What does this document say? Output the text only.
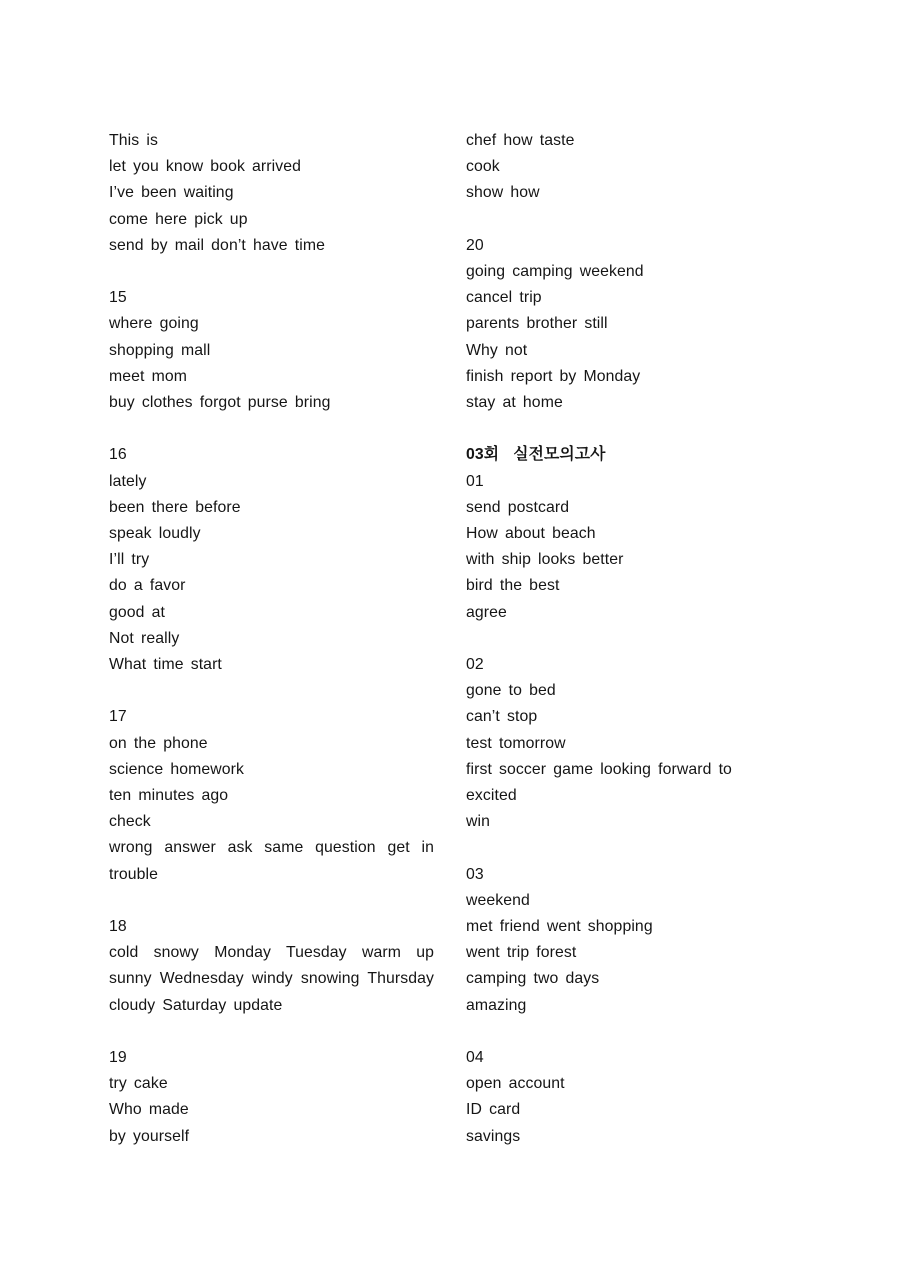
This is
let you know book arrived
I’ve been waiting
come here pick up
send by mail don’t have time
15
where going
shopping mall
meet mom
buy clothes forgot purse bring
16
lately
been there before
speak loudly
I’ll try
do a favor
good at
Not really
What time start
17
on the phone
science homework
ten minutes ago
check
wrong answer ask same question get in trouble
18
cold snowy Monday Tuesday warm up sunny Wednesday windy snowing Thursday cloudy Saturday update
19
try cake
Who made
by yourself
chef how taste
cook
show how
20
going camping weekend
cancel trip
parents brother still
Why not
finish report by Monday
stay at home
03회  실전모의고사
01
send postcard
How about beach
with ship looks better
bird the best
agree
02
gone to bed
can’t stop
test tomorrow
first soccer game looking forward to
excited
win
03
weekend
met friend went shopping
went trip forest
camping two days
amazing
04
open account
ID card
savings
